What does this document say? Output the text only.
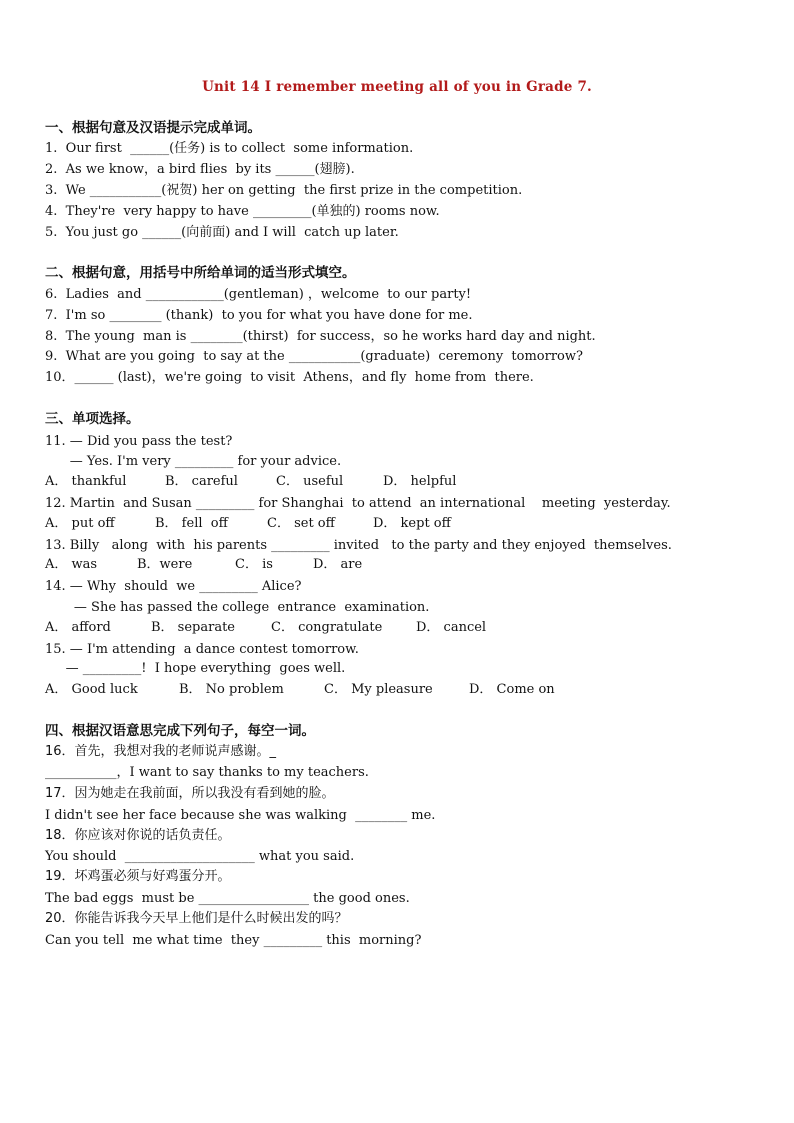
Unit 14 I remember meeting all of you in Grade 7.
一、根据句意及汉语提示完成单词。
1.  Our first  ______(任务) is to collect  some information.
2.  As we know，a bird flies  by its ______(翅膀).
3.  We ___________(祝贺) her on getting  the first prize in the competition.
4.  They're  very happy to have _________(单独的) rooms now.
5.  You just go ______(向前面) and I will  catch up later.
二、根据句意，用括号中所给单词的适当形式填空。
6.  Ladies  and ____________(gentleman) ，welcome  to our party!
7.  I'm so ________ (thank)  to you for what you have done for me.
8.  The young  man is ________(thirst)  for success，so he works hard day and night.
9.  What are you going  to say at the ___________(graduate)  ceremony  tomorrow?
10．______ (last)，we're going  to visit  Athens，and fly  home from  there.
三、单项选择。
11. — Did you pass the test?
— Yes. I'm very _________ for your advice.
A． thankful	B． careful	C． useful	D． helpful
12. Martin  and Susan _________ for Shanghai  to attend  an international    meeting  yesterday.
A． put off	B． fell  off	C． set off	D． kept off
13. Billy   along  with  his parents _________ invited   to the party and they enjoyed  themselves.
A． was	B．were	C． is	D． are
14. — Why  should  we _________ Alice?
— She has passed the college  entrance  examination.
A． afford	B． separate	C． congratulate	D． cancel
15. — I'm attending  a dance contest tomorrow.
— _________!  I hope everything  goes well.
A． Good luck	B． No problem	C． My pleasure	D． Come on
四、根据汉语意思完成下列句子，每空一词。
16．首先，我想对我的老师说声感谢。_
___________，I want to say thanks to my teachers.
17．因为她走在我前面，所以我没有看到她的脸。
I didn't see her face because she was walking  ________ me.
18．你应该对你说的话负责任。
You should  ____________________ what you said.
19．坏鸡蛋必须与好鸡蛋分开。
The bad eggs  must be _________________ the good ones.
20．你能告诉我今天早上他们是什么时候出发的吗？
Can you tell  me what time  they _________ this  morning?
